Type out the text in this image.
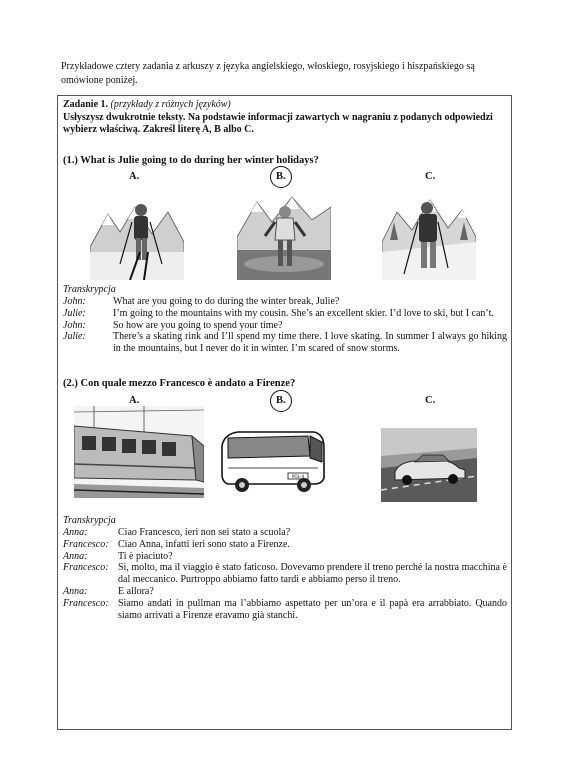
Przykładowe cztery zadania z arkuszy z języka angielskiego, włoskiego, rosyjskiego i hiszpańskiego są omówione poniżej.
Zadanie 1. (przykłady z różnych języków)
Usłyszysz dwukrotnie teksty. Na podstawie informacji zawartych w nagraniu z podanych odpowiedzi wybierz właściwą. Zakreśl literę A, B albo C.
(1.) What is Julie going to do during her winter holidays?
A.	B.	C.
Transkrypcja
John:	What are you going to do during the winter break, Julie?
Julie:	I’m going to the mountains with my cousin. She’s an excellent skier. I’d love to ski, but I can’t.
John:	So how are you going to spend your time?
Julie:	There’s a skating rink and I’ll spend my time there. I love skating. In summer I always go hiking in the mountains, but I never do it in winter. I’m scared of snow storms.
(2.) Con quale mezzo Francesco è andato a Firenze?
A.	B.	C.
POL-4
Transkrypcja
Anna:	Ciao Francesco, ieri non sei stato a scuola?
Francesco: Ciao Anna, infatti ieri sono stato a Firenze.
Anna:	Ti è piaciuto?
Francesco: Sì, molto, ma il viaggio è stato faticoso. Dovevamo prendere il treno perché la nostra macchina è dal meccanico. Purtroppo abbiamo fatto tardi e abbiamo perso il treno.
Anna:	E allora?
Francesco: Siamo andati in pullman ma l’abbiamo aspettato per un’ora e il papà era arrabbiato. Quando siamo arrivati a Firenze eravamo già stanchi.
